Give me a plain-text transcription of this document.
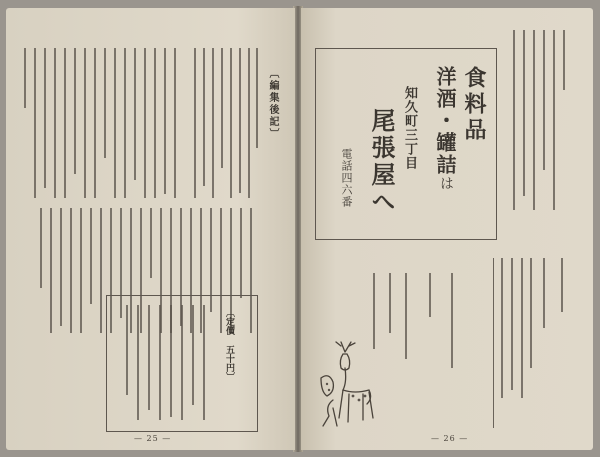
〔編集後記〕
〔定價 五十円〕
— 25 —
食料品
洋酒・罐詰
は
知久町三丁目
尾張屋へ
電話四六番
— 26 —
